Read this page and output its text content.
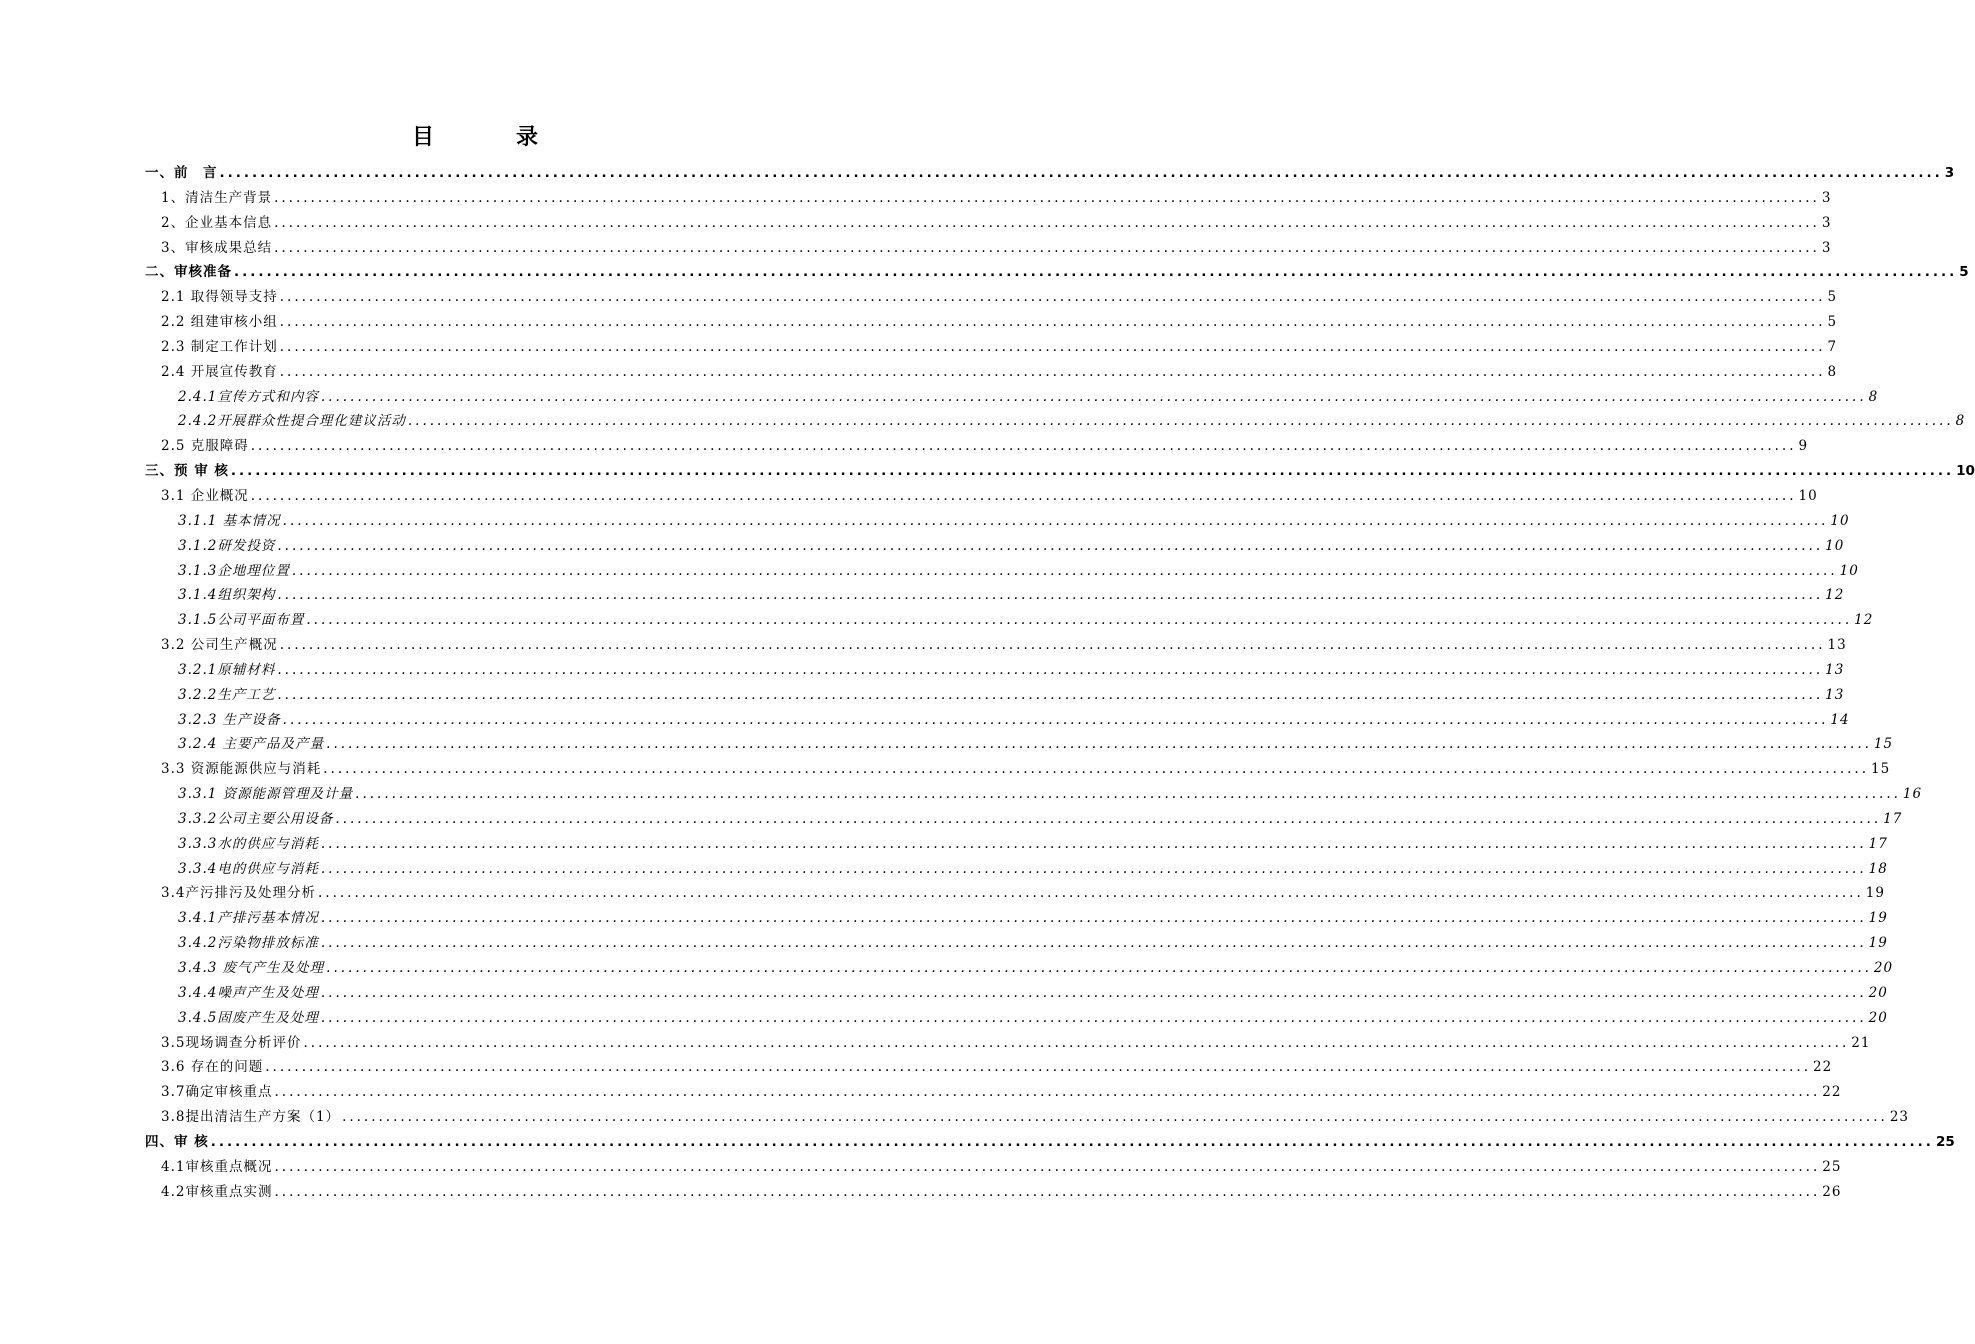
目　录
一、前　言 .................................................................................................................................................................................................................... 3
1、清洁生产背景 .................................................................................................................................................................................................................... 3
2、企业基本信息 .................................................................................................................................................................................................................... 3
3、审核成果总结 .................................................................................................................................................................................................................... 3
二、审核准备 .................................................................................................................................................................................................................... 5
2.1 取得领导支持 .................................................................................................................................................................................................................... 5
2.2 组建审核小组 .................................................................................................................................................................................................................... 5
2.3 制定工作计划 .................................................................................................................................................................................................................... 7
2.4 开展宣传教育 .................................................................................................................................................................................................................... 8
2.4.1宣传方式和内容 .................................................................................................................................................................................................................... 8
2.4.2开展群众性提合理化建议活动 .................................................................................................................................................................................................................... 8
2.5 克服障碍 .................................................................................................................................................................................................................... 9
三、预 审 核 .................................................................................................................................................................................................................... 10
3.1 企业概况 .................................................................................................................................................................................................................... 10
3.1.1 基本情况 .................................................................................................................................................................................................................... 10
3.1.2研发投资 .................................................................................................................................................................................................................... 10
3.1.3企地理位置 .................................................................................................................................................................................................................... 10
3.1.4组织架构 .................................................................................................................................................................................................................... 12
3.1.5公司平面布置 .................................................................................................................................................................................................................... 12
3.2 公司生产概况 .................................................................................................................................................................................................................... 13
3.2.1原辅材料 .................................................................................................................................................................................................................... 13
3.2.2生产工艺 .................................................................................................................................................................................................................... 13
3.2.3 生产设备 .................................................................................................................................................................................................................... 14
3.2.4 主要产品及产量 .................................................................................................................................................................................................................... 15
3.3 资源能源供应与消耗 .................................................................................................................................................................................................................... 15
3.3.1 资源能源管理及计量 .................................................................................................................................................................................................................... 16
3.3.2公司主要公用设备 .................................................................................................................................................................................................................... 17
3.3.3水的供应与消耗 .................................................................................................................................................................................................................... 17
3.3.4电的供应与消耗 .................................................................................................................................................................................................................... 18
3.4产污排污及处理分析 .................................................................................................................................................................................................................... 19
3.4.1产排污基本情况 .................................................................................................................................................................................................................... 19
3.4.2污染物排放标准 .................................................................................................................................................................................................................... 19
3.4.3 废气产生及处理 .................................................................................................................................................................................................................... 20
3.4.4噪声产生及处理 .................................................................................................................................................................................................................... 20
3.4.5固废产生及处理 .................................................................................................................................................................................................................... 20
3.5现场调查分析评价 .................................................................................................................................................................................................................... 21
3.6 存在的问题 .................................................................................................................................................................................................................... 22
3.7确定审核重点 .................................................................................................................................................................................................................... 22
3.8提出清洁生产方案（1） .................................................................................................................................................................................................................... 23
四、审 核 .................................................................................................................................................................................................................... 25
4.1审核重点概况 .................................................................................................................................................................................................................... 25
4.2审核重点实测 .................................................................................................................................................................................................................... 26
